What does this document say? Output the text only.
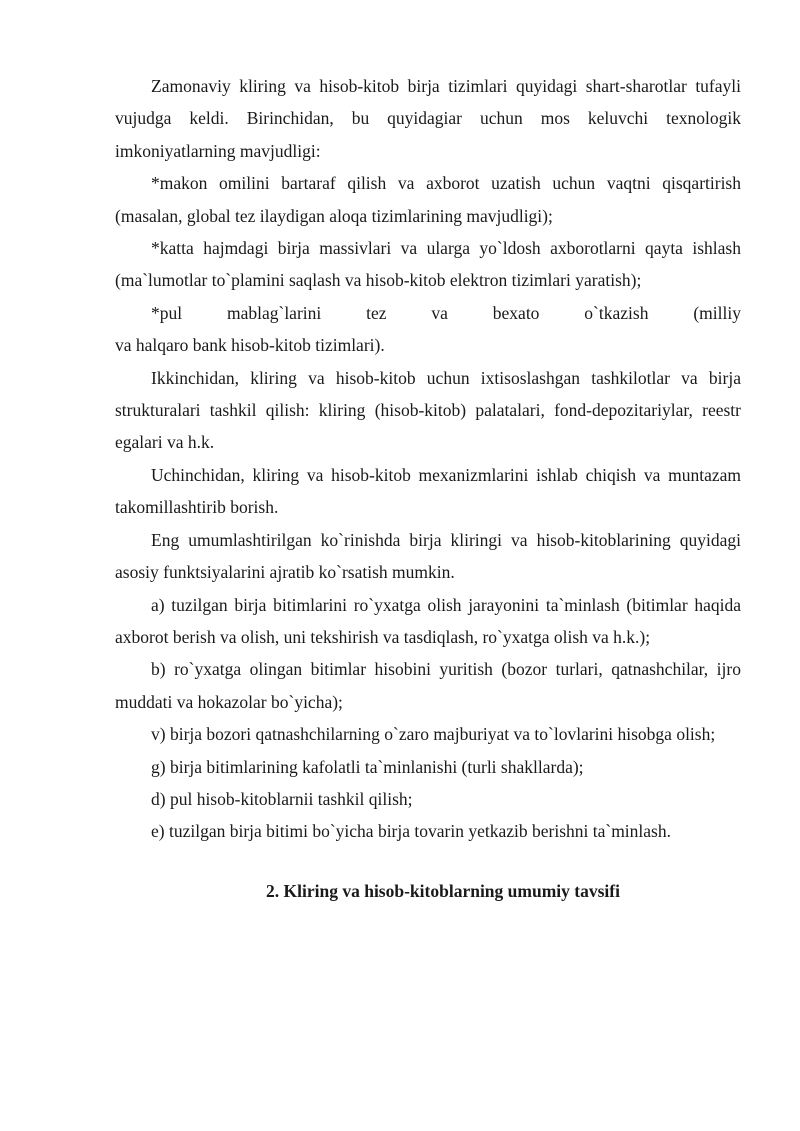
Zamonaviy kliring va hisob-kitob birja tizimlari quyidagi shart-sharotlar tufayli vujudga keldi. Birinchidan, bu quyidagiar uchun mos keluvchi texnologik imkoniyatlarning mavjudligi:

*makon omilini bartaraf qilish va axborot uzatish uchun vaqtni qisqartirish (masalan, global tez ilaydigan aloqa tizimlarining mavjudligi);

*katta hajmdagi birja massivlari va ularga yo`ldosh axborotlarni qayta ishlash (ma`lumotlar to`plamini saqlash va hisob-kitob elektron tizimlari yaratish);

*pul	mablag`larini	tez	va	bexato	o`tkazish	(milliy
va halqaro bank hisob-kitob tizimlari).

Ikkinchidan, kliring va hisob-kitob uchun ixtisoslashgan tashkilotlar va birja strukturalari tashkil qilish: kliring (hisob-kitob) palatalari, fond-depozitariylar, reestr egalari va h.k.

Uchinchidan, kliring va hisob-kitob mexanizmlarini ishlab chiqish va muntazam takomillashtirib borish.

Eng umumlashtirilgan ko`rinishda birja kliringi va hisob-kitoblarining quyidagi asosiy funktsiyalarini ajratib ko`rsatish mumkin.

a) tuzilgan birja bitimlarini ro`yxatga olish jarayonini ta`minlash (bitimlar haqida axborot berish va olish, uni tekshirish va tasdiqlash, ro`yxatga olish va h.k.);

b) ro`yxatga olingan bitimlar hisobini yuritish (bozor turlari, qatnashchilar, ijro muddati va hokazolar bo`yicha);

v) birja bozori qatnashchilarning o`zaro majburiyat va to`lovlarini hisobga olish;

g) birja bitimlarining kafolatli ta`minlanishi (turli shakllarda);

d) pul hisob-kitoblarnii tashkil qilish;

e) tuzilgan birja bitimi bo`yicha birja tovarin yetkazib berishni ta`minlash.

2. Kliring va hisob-kitoblarning umumiy tavsifi
